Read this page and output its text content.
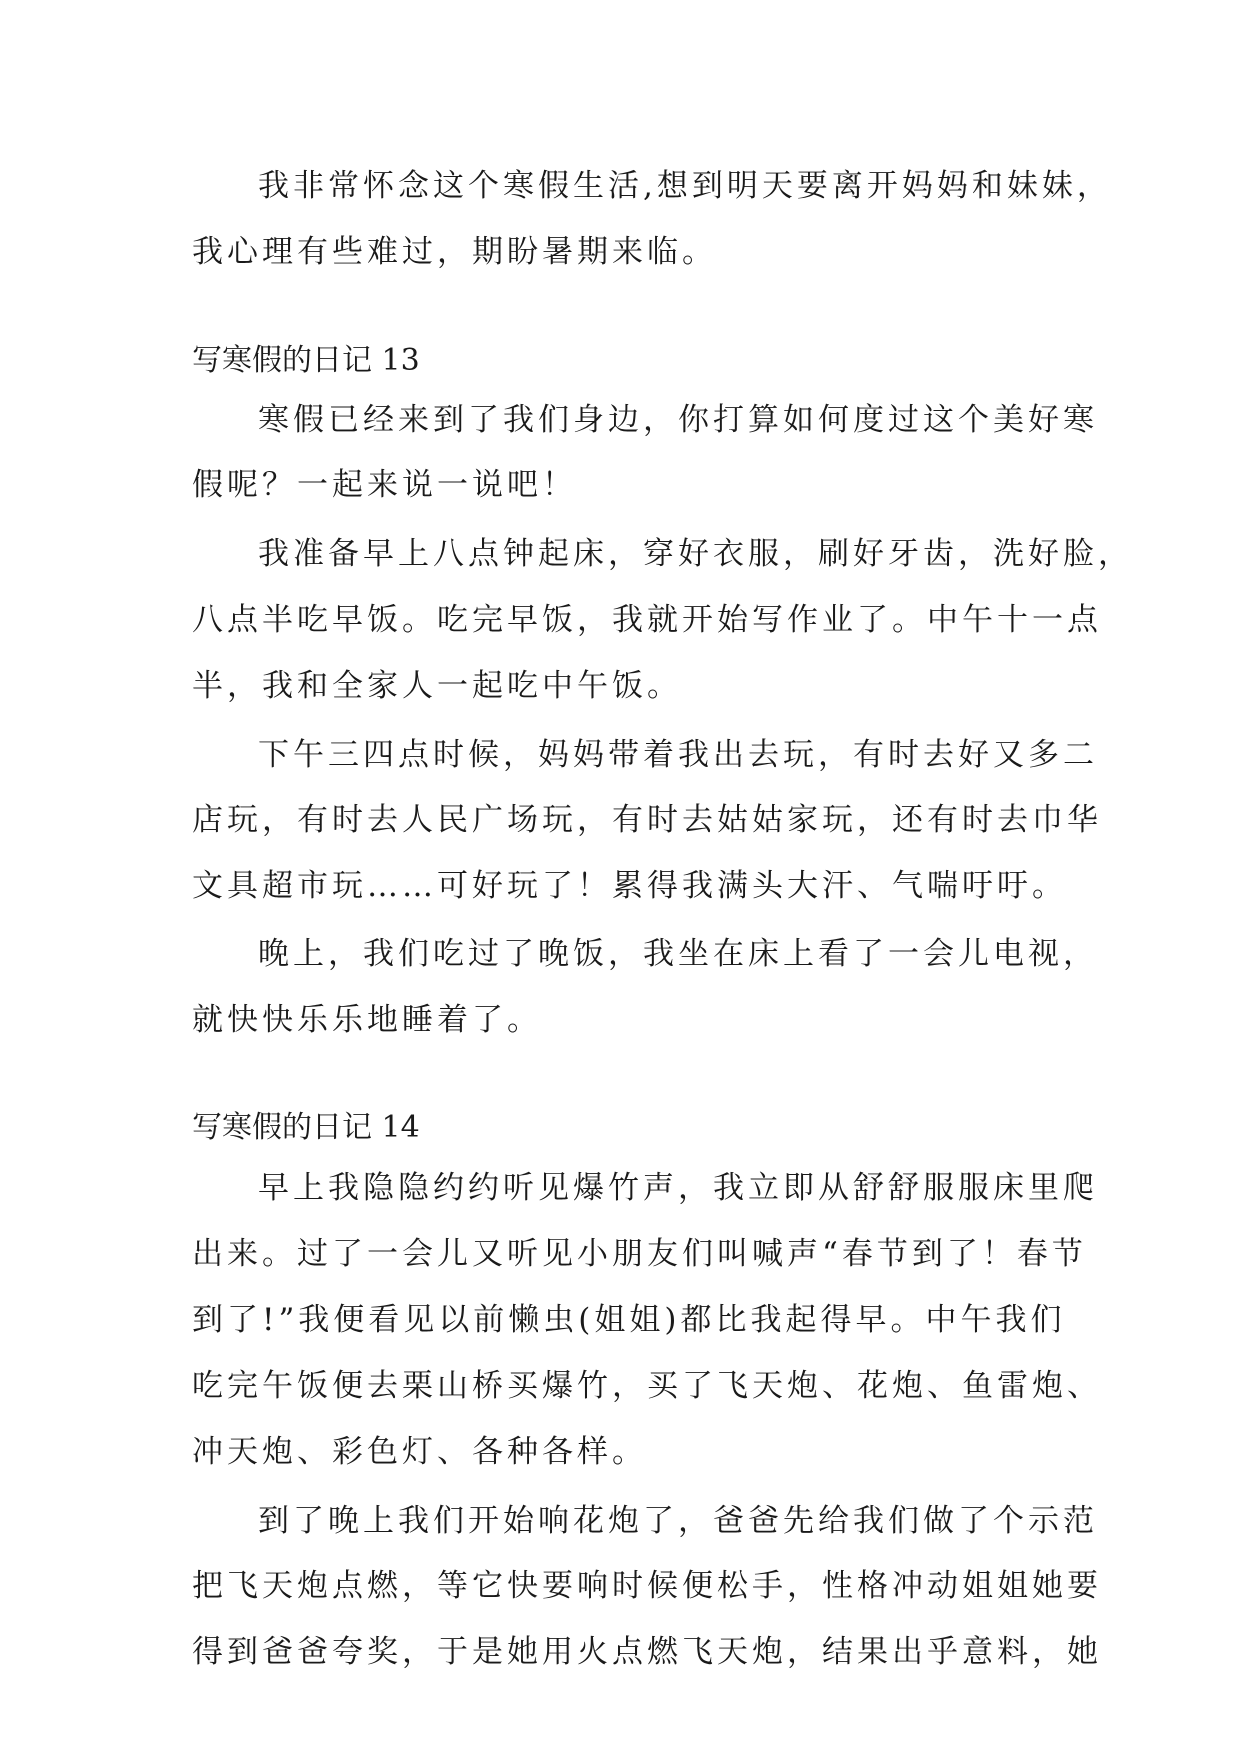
我非常怀念这个寒假生活,想到明天要离开妈妈和妹妹，
我心理有些难过，期盼暑期来临。
写寒假的日记 13
寒假已经来到了我们身边，你打算如何度过这个美好寒
假呢？一起来说一说吧！
我准备早上八点钟起床，穿好衣服，刷好牙齿，洗好脸，
八点半吃早饭。吃完早饭，我就开始写作业了。中午十一点
半，我和全家人一起吃中午饭。
下午三四点时候，妈妈带着我出去玩，有时去好又多二
店玩，有时去人民广场玩，有时去姑姑家玩，还有时去巾华
文具超市玩……可好玩了！累得我满头大汗、气喘吁吁。
晚上，我们吃过了晚饭，我坐在床上看了一会儿电视，
就快快乐乐地睡着了。
写寒假的日记 14
早上我隐隐约约听见爆竹声，我立即从舒舒服服床里爬
出来。过了一会儿又听见小朋友们叫喊声“春节到了！春节
到了!”我便看见以前懒虫(姐姐)都比我起得早。中午我们
吃完午饭便去栗山桥买爆竹，买了飞天炮、花炮、鱼雷炮、
冲天炮、彩色灯、各种各样。
到了晚上我们开始响花炮了，爸爸先给我们做了个示范
把飞天炮点燃，等它快要响时候便松手，性格冲动姐姐她要
得到爸爸夸奖，于是她用火点燃飞天炮，结果出乎意料，她
